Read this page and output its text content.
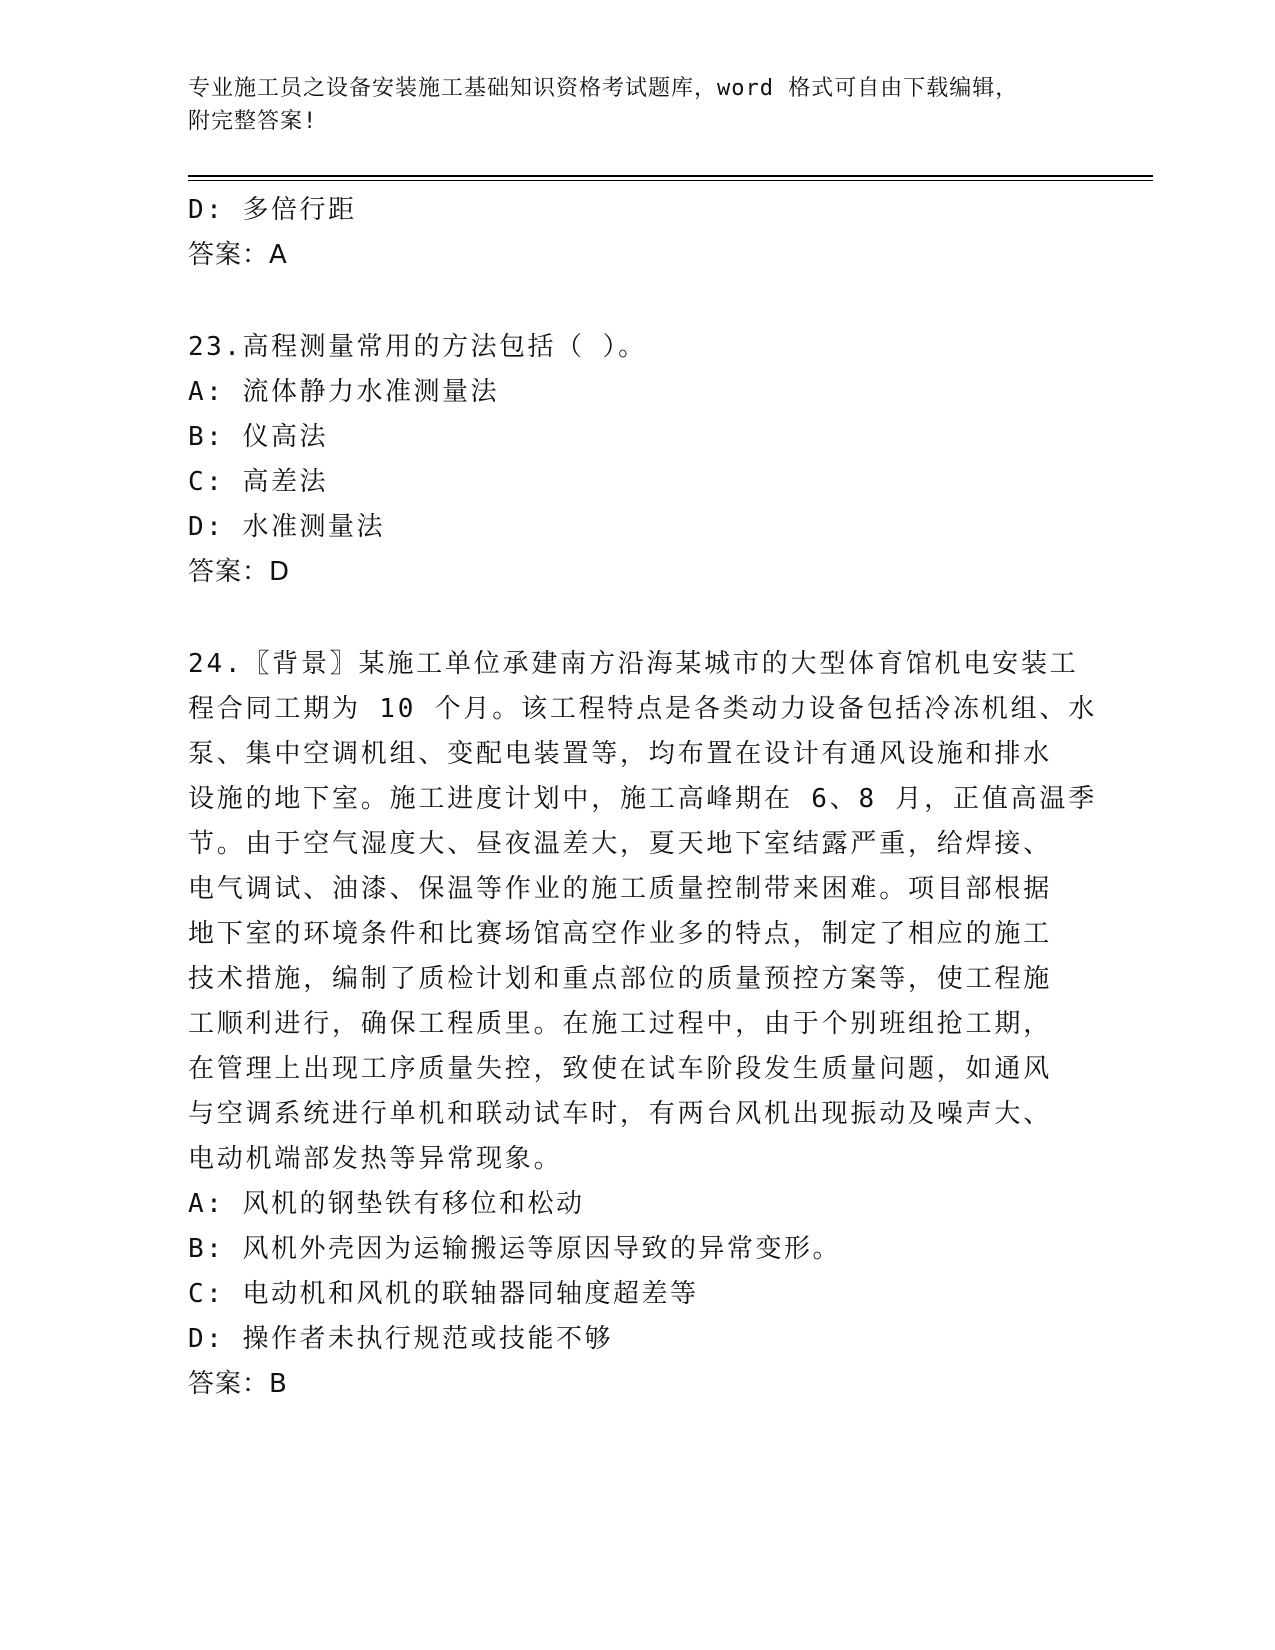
专业施工员之设备安装施工基础知识资格考试题库，word 格式可自由下载编辑，
附完整答案!
D: 多倍行距
答案：A
23.高程测量常用的方法包括（ ）。
A: 流体静力水准测量法
B: 仪高法
C: 高差法
D: 水准测量法
答案：D
24.〖背景〗某施工单位承建南方沿海某城市的大型体育馆机电安装工
程合同工期为 10 个月。该工程特点是各类动力设备包括冷冻机组、水
泵、集中空调机组、变配电装置等，均布置在设计有通风设施和排水
设施的地下室。施工进度计划中，施工高峰期在 6、8 月，正值高温季
节。由于空气湿度大、昼夜温差大，夏天地下室结露严重，给焊接、
电气调试、油漆、保温等作业的施工质量控制带来困难。项目部根据
地下室的环境条件和比赛场馆高空作业多的特点，制定了相应的施工
技术措施，编制了质检计划和重点部位的质量预控方案等，使工程施
工顺利进行，确保工程质里。在施工过程中，由于个别班组抢工期，
在管理上出现工序质量失控，致使在试车阶段发生质量问题，如通风
与空调系统进行单机和联动试车时，有两台风机出现振动及噪声大、
电动机端部发热等异常现象。
A: 风机的钢垫铁有移位和松动
B: 风机外壳因为运输搬运等原因导致的异常变形。
C: 电动机和风机的联轴器同轴度超差等
D: 操作者未执行规范或技能不够
答案：B
